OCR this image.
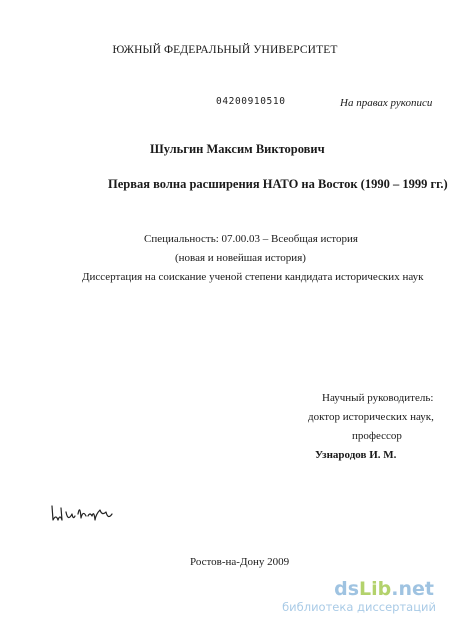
ЮЖНЫЙ ФЕДЕРАЛЬНЫЙ УНИВЕРСИТЕТ
04200910510	На правах рукописи
Шульгин Максим Викторович
Первая волна расширения НАТО на Восток (1990 – 1999 гг.)
Специальность: 07.00.03 – Всеобщая история
(новая и новейшая история)
Диссертация на соискание ученой степени кандидата исторических наук
Научный руководитель:
доктор исторических наук,
профессор
Узнародов И. М.
Ростов-на-Дону 2009
dsLib.net
библиотека диссертаций
